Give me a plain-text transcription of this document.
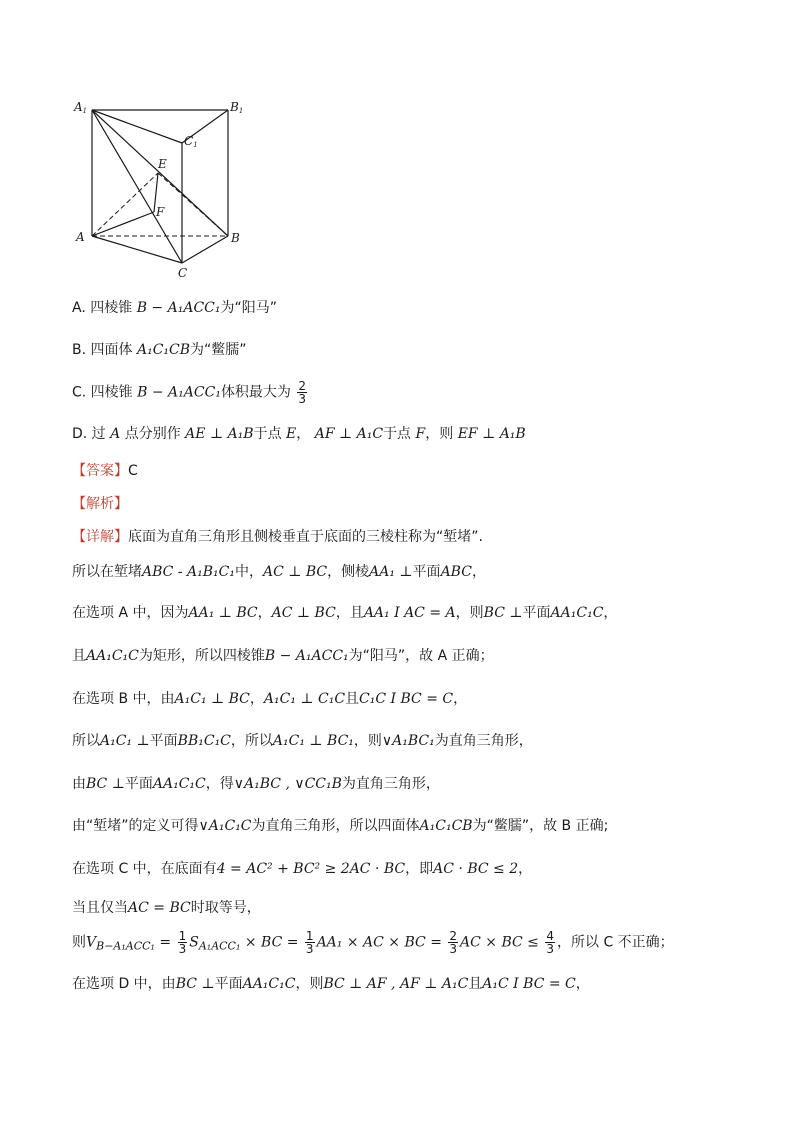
A1	B1
C1
E
F
A	B
C
A. 四棱锥 B − A₁ACC₁为“阳马”
B. 四面体 A₁C₁CB为“鳖臑”
C. 四棱锥 B − A₁ACC₁体积最大为 $\frac{2}{3}$
D. 过 A 点分别作 AE ⊥ A₁B于点 E， AF ⊥ A₁C于点 F，则 EF ⊥ A₁B
【答案】C
【解析】
【详解】底面为直角三角形且侧棱垂直于底面的三棱柱称为“堑堵”.
所以在堑堵ABC - A₁B₁C₁中，AC ⊥ BC，侧棱AA₁ ⊥平面ABC，
在选项 A 中，因为AA₁ ⊥ BC，AC ⊥ BC，且AA₁ I AC = A，则BC ⊥平面AA₁C₁C，
且AA₁C₁C为矩形，所以四棱锥B − A₁ACC₁为“阳马”，故 A 正确；
在选项 B 中，由A₁C₁ ⊥ BC，A₁C₁ ⊥ C₁C且C₁C I BC = C，
所以A₁C₁ ⊥平面BB₁C₁C，所以A₁C₁ ⊥ BC₁，则∨A₁BC₁为直角三角形，
由BC ⊥平面AA₁C₁C，得∨A₁BC , ∨CC₁B为直角三角形，
由“堑堵”的定义可得∨A₁C₁C为直角三角形，所以四面体A₁C₁CB为“鳖臑”，故 B 正确;
在选项 C 中，在底面有4 = AC² + BC² ≥ 2AC · BC，即AC · BC ≤ 2，
当且仅当AC = BC时取等号，
则$V_{B-A_1ACC_1} = \frac{1}{3} S_{A_1ACC_1}$ × BC = $\frac{1}{3} AA_1$ × AC × BC = $\frac{2}{3}$ AC × BC ≤ $\frac{4}{3}$ ，所以 C 不正确；
在选项 D 中，由BC ⊥平面AA₁C₁C，则BC ⊥ AF , AF ⊥ A₁C且A₁C I BC = C，
